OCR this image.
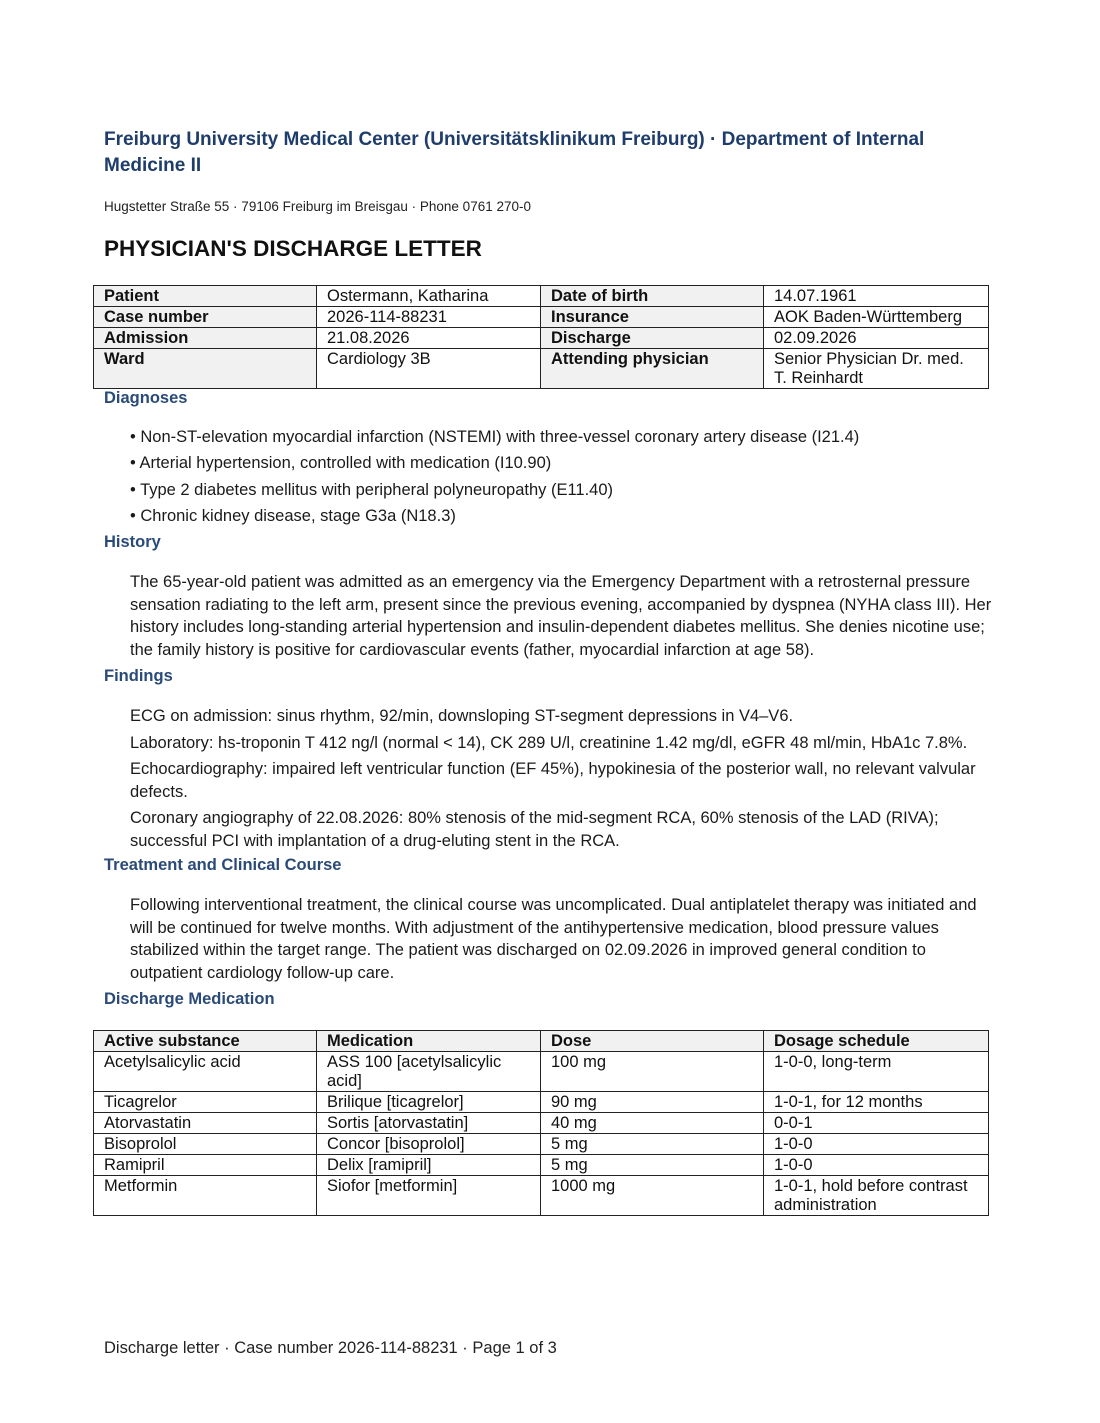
Freiburg University Medical Center (Universitätsklinikum Freiburg) · Department of Internal Medicine II
Hugstetter Straße 55 · 79106 Freiburg im Breisgau · Phone 0761 270-0
PHYSICIAN'S DISCHARGE LETTER
Patient	Ostermann, Katharina	Date of birth	14.07.1961
Case number	2026-114-88231	Insurance	AOK Baden-Württemberg
Admission	21.08.2026	Discharge	02.09.2026
Ward	Cardiology 3B	Attending physician	Senior Physician Dr. med. T. Reinhardt
Diagnoses
• Non-ST-elevation myocardial infarction (NSTEMI) with three-vessel coronary artery disease (I21.4)
• Arterial hypertension, controlled with medication (I10.90)
• Type 2 diabetes mellitus with peripheral polyneuropathy (E11.40)
• Chronic kidney disease, stage G3a (N18.3)
History
The 65-year-old patient was admitted as an emergency via the Emergency Department with a retrosternal pressure sensation radiating to the left arm, present since the previous evening, accompanied by dyspnea (NYHA class III). Her history includes long-standing arterial hypertension and insulin-dependent diabetes mellitus. She denies nicotine use; the family history is positive for cardiovascular events (father, myocardial infarction at age 58).
Findings

ECG on admission: sinus rhythm, 92/min, downsloping ST-segment depressions in V4–V6.

Laboratory: hs-troponin T 412 ng/l (normal < 14), CK 289 U/l, creatinine 1.42 mg/dl, eGFR 48 ml/min, HbA1c 7.8%.

Echocardiography: impaired left ventricular function (EF 45%), hypokinesia of the posterior wall, no relevant valvular defects.

Coronary angiography of 22.08.2026: 80% stenosis of the mid-segment RCA, 60% stenosis of the LAD (RIVA); successful PCI with implantation of a drug-eluting stent in the RCA.

Treatment and Clinical Course
Following interventional treatment, the clinical course was uncomplicated. Dual antiplatelet therapy was initiated and will be continued for twelve months. With adjustment of the antihypertensive medication, blood pressure values stabilized within the target range. The patient was discharged on 02.09.2026 in improved general condition to outpatient cardiology follow-up care.
Discharge Medication
Active substance	Medication	Dose	Dosage schedule
Acetylsalicylic acid	ASS 100 [acetylsalicylic acid]	100 mg	1-0-0, long-term
Ticagrelor	Brilique [ticagrelor]	90 mg	1-0-1, for 12 months
Atorvastatin	Sortis [atorvastatin]	40 mg	0-0-1
Bisoprolol	Concor [bisoprolol]	5 mg	1-0-0
Ramipril	Delix [ramipril]	5 mg	1-0-0
Metformin	Siofor [metformin]	1000 mg	1-0-1, hold before contrast administration
Discharge letter · Case number 2026-114-88231 · Page 1 of 3
